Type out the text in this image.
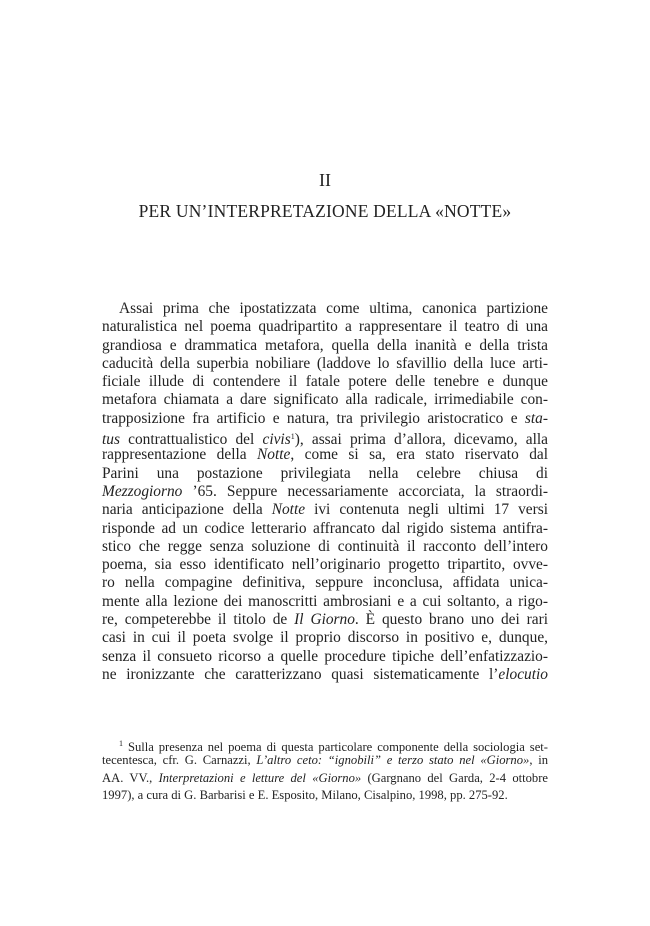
II
PER UN’INTERPRETAZIONE DELLA «NOTTE»
Assai prima che ipostatizzata come ultima, canonica partizione
naturalistica nel poema quadripartito a rappresentare il teatro di una
grandiosa e drammatica metafora, quella della inanità e della trista
caducità della superbia nobiliare (laddove lo sfavillio della luce arti-
ficiale illude di contendere il fatale potere delle tenebre e dunque
metafora chiamata a dare significato alla radicale, irrimediabile con-
trapposizione fra artificio e natura, tra privilegio aristocratico e sta-
tus contrattualistico del civis$^1$), assai prima d’allora, dicevamo, alla
rappresentazione della Notte, come si sa, era stato riservato dal
Parini una postazione privilegiata nella celebre chiusa di
Mezzogiorno ’65. Seppure necessariamente accorciata, la straordi-
naria anticipazione della Notte ivi contenuta negli ultimi 17 versi
risponde ad un codice letterario affrancato dal rigido sistema antifra-
stico che regge senza soluzione di continuità il racconto dell’intero
poema, sia esso identificato nell’originario progetto tripartito, ovve-
ro nella compagine definitiva, seppure inconclusa, affidata unica-
mente alla lezione dei manoscritti ambrosiani e a cui soltanto, a rigo-
re, competerebbe il titolo de Il Giorno. È questo brano uno dei rari
casi in cui il poeta svolge il proprio discorso in positivo e, dunque,
senza il consueto ricorso a quelle procedure tipiche dell’enfatizzazio-
ne ironizzante che caratterizzano quasi sistematicamente l’elocutio
$^1$ Sulla presenza nel poema di questa particolare componente della sociologia set-
tecentesca, cfr. G. Carnazzi, L’altro ceto: “ignobili” e terzo stato nel «Giorno», in
AA. VV., Interpretazioni e letture del «Giorno» (Gargnano del Garda, 2-4 ottobre
1997), a cura di G. Barbarisi e E. Esposito, Milano, Cisalpino, 1998, pp. 275-92.
